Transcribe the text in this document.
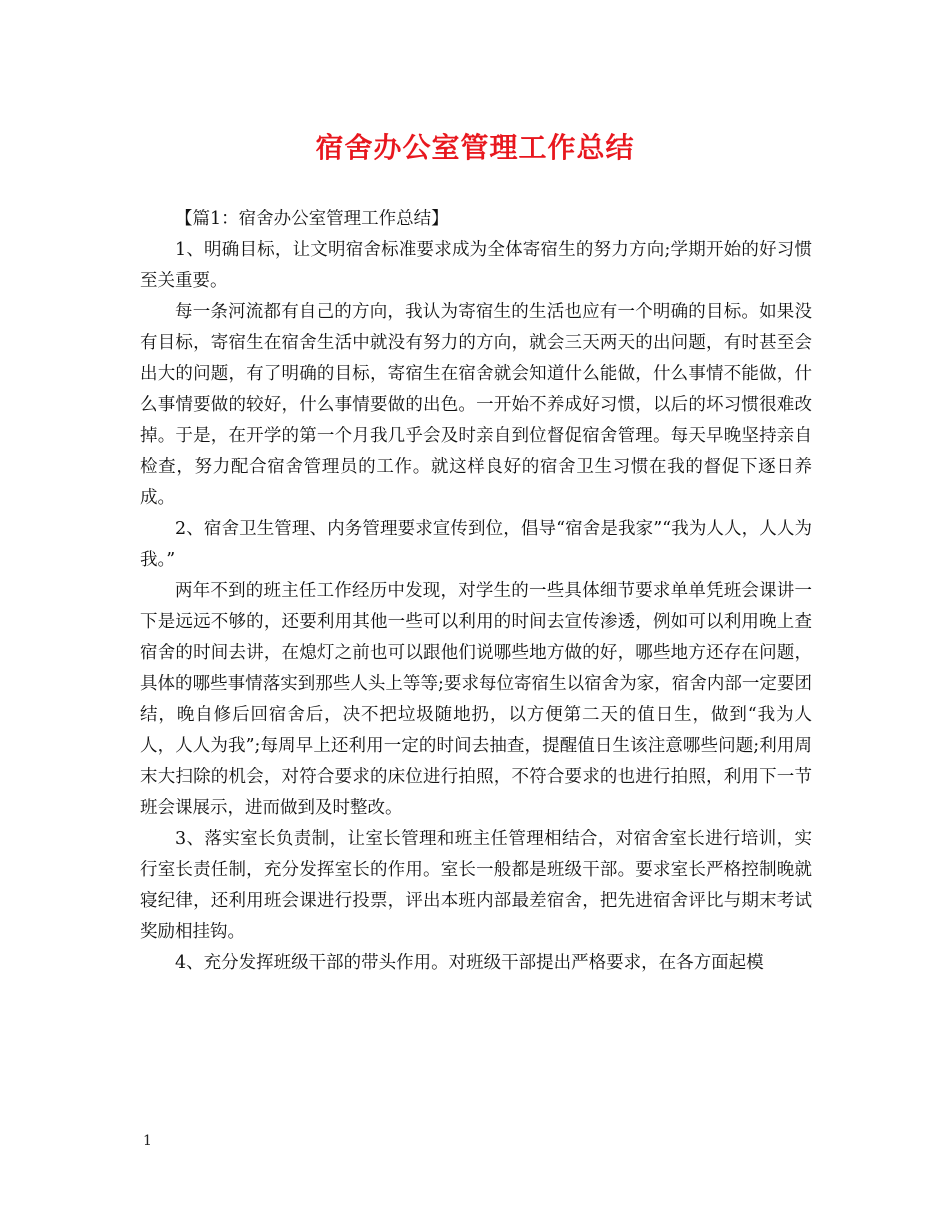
宿舍办公室管理工作总结

【篇1：宿舍办公室管理工作总结】

1、明确目标，让文明宿舍标准要求成为全体寄宿生的努力方向;学期开始的好习惯至关重要。

每一条河流都有自己的方向，我认为寄宿生的生活也应有一个明确的目标。如果没有目标，寄宿生在宿舍生活中就没有努力的方向，就会三天两天的出问题，有时甚至会出大的问题，有了明确的目标，寄宿生在宿舍就会知道什么能做，什么事情不能做，什么事情要做的较好，什么事情要做的出色。一开始不养成好习惯，以后的坏习惯很难改掉。于是，在开学的第一个月我几乎会及时亲自到位督促宿舍管理。每天早晚坚持亲自检查，努力配合宿舍管理员的工作。就这样良好的宿舍卫生习惯在我的督促下逐日养成。

2、宿舍卫生管理、内务管理要求宣传到位，倡导“宿舍是我家”“我为人人，人人为我。”

两年不到的班主任工作经历中发现，对学生的一些具体细节要求单单凭班会课讲一下是远远不够的，还要利用其他一些可以利用的时间去宣传渗透，例如可以利用晚上查宿舍的时间去讲，在熄灯之前也可以跟他们说哪些地方做的好，哪些地方还存在问题，具体的哪些事情落实到那些人头上等等;要求每位寄宿生以宿舍为家，宿舍内部一定要团结，晚自修后回宿舍后，决不把垃圾随地扔，以方便第二天的值日生，做到“我为人人，人人为我”;每周早上还利用一定的时间去抽查，提醒值日生该注意哪些问题;利用周末大扫除的机会，对符合要求的床位进行拍照，不符合要求的也进行拍照，利用下一节班会课展示，进而做到及时整改。

3、落实室长负责制，让室长管理和班主任管理相结合，对宿舍室长进行培训，实行室长责任制，充分发挥室长的作用。室长一般都是班级干部。要求室长严格控制晚就寝纪律，还利用班会课进行投票，评出本班内部最差宿舍，把先进宿舍评比与期末考试奖励相挂钩。

4、充分发挥班级干部的带头作用。对班级干部提出严格要求，在各方面起模

1
